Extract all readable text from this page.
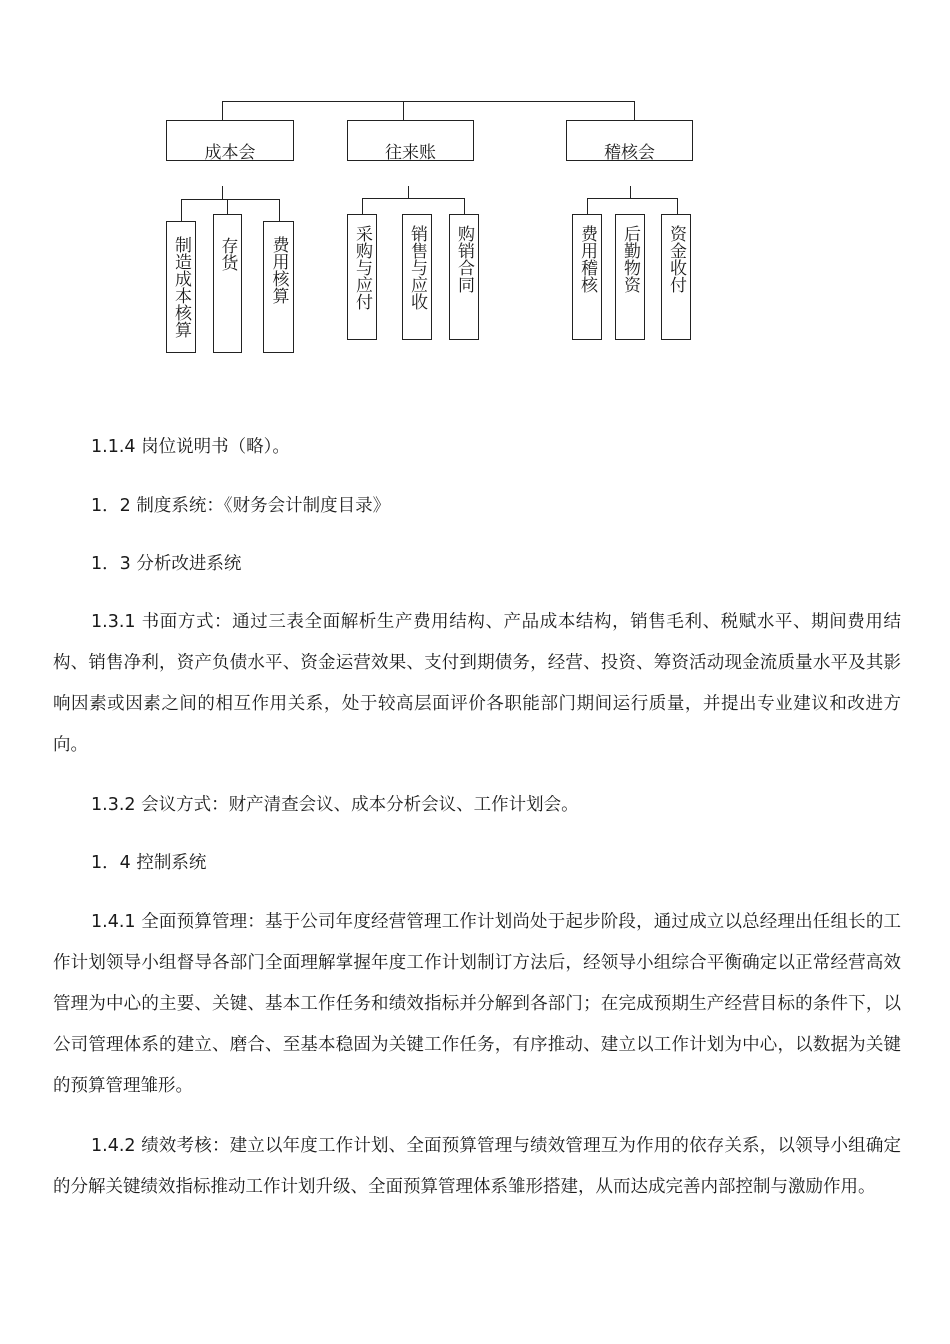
成本会	往来账	稽核会
制造成本核算 存货 费用核算	采购与应付 销售与应收 购销合同	费用稽核 后勤物资 资金收付

1.1.4 岗位说明书（略）。

1．2 制度系统：《财务会计制度目录》

1．3 分析改进系统

1.3.1 书面方式：通过三表全面解析生产费用结构、产品成本结构，销售毛利、税赋水平、期间费用结构、销售净利，资产负债水平、资金运营效果、支付到期债务，经营、投资、筹资活动现金流质量水平及其影响因素或因素之间的相互作用关系，处于较高层面评价各职能部门期间运行质量，并提出专业建议和改进方向。

1.3.2 会议方式：财产清查会议、成本分析会议、工作计划会。

1．4 控制系统

1.4.1 全面预算管理：基于公司年度经营管理工作计划尚处于起步阶段，通过成立以总经理出任组长的工作计划领导小组督导各部门全面理解掌握年度工作计划制订方法后，经领导小组综合平衡确定以正常经营高效管理为中心的主要、关键、基本工作任务和绩效指标并分解到各部门；在完成预期生产经营目标的条件下，以公司管理体系的建立、磨合、至基本稳固为关键工作任务，有序推动、建立以工作计划为中心，以数据为关键的预算管理雏形。

1.4.2 绩效考核：建立以年度工作计划、全面预算管理与绩效管理互为作用的依存关系，以领导小组确定的分解关键绩效指标推动工作计划升级、全面预算管理体系雏形搭建，从而达成完善内部控制与激励作用。
